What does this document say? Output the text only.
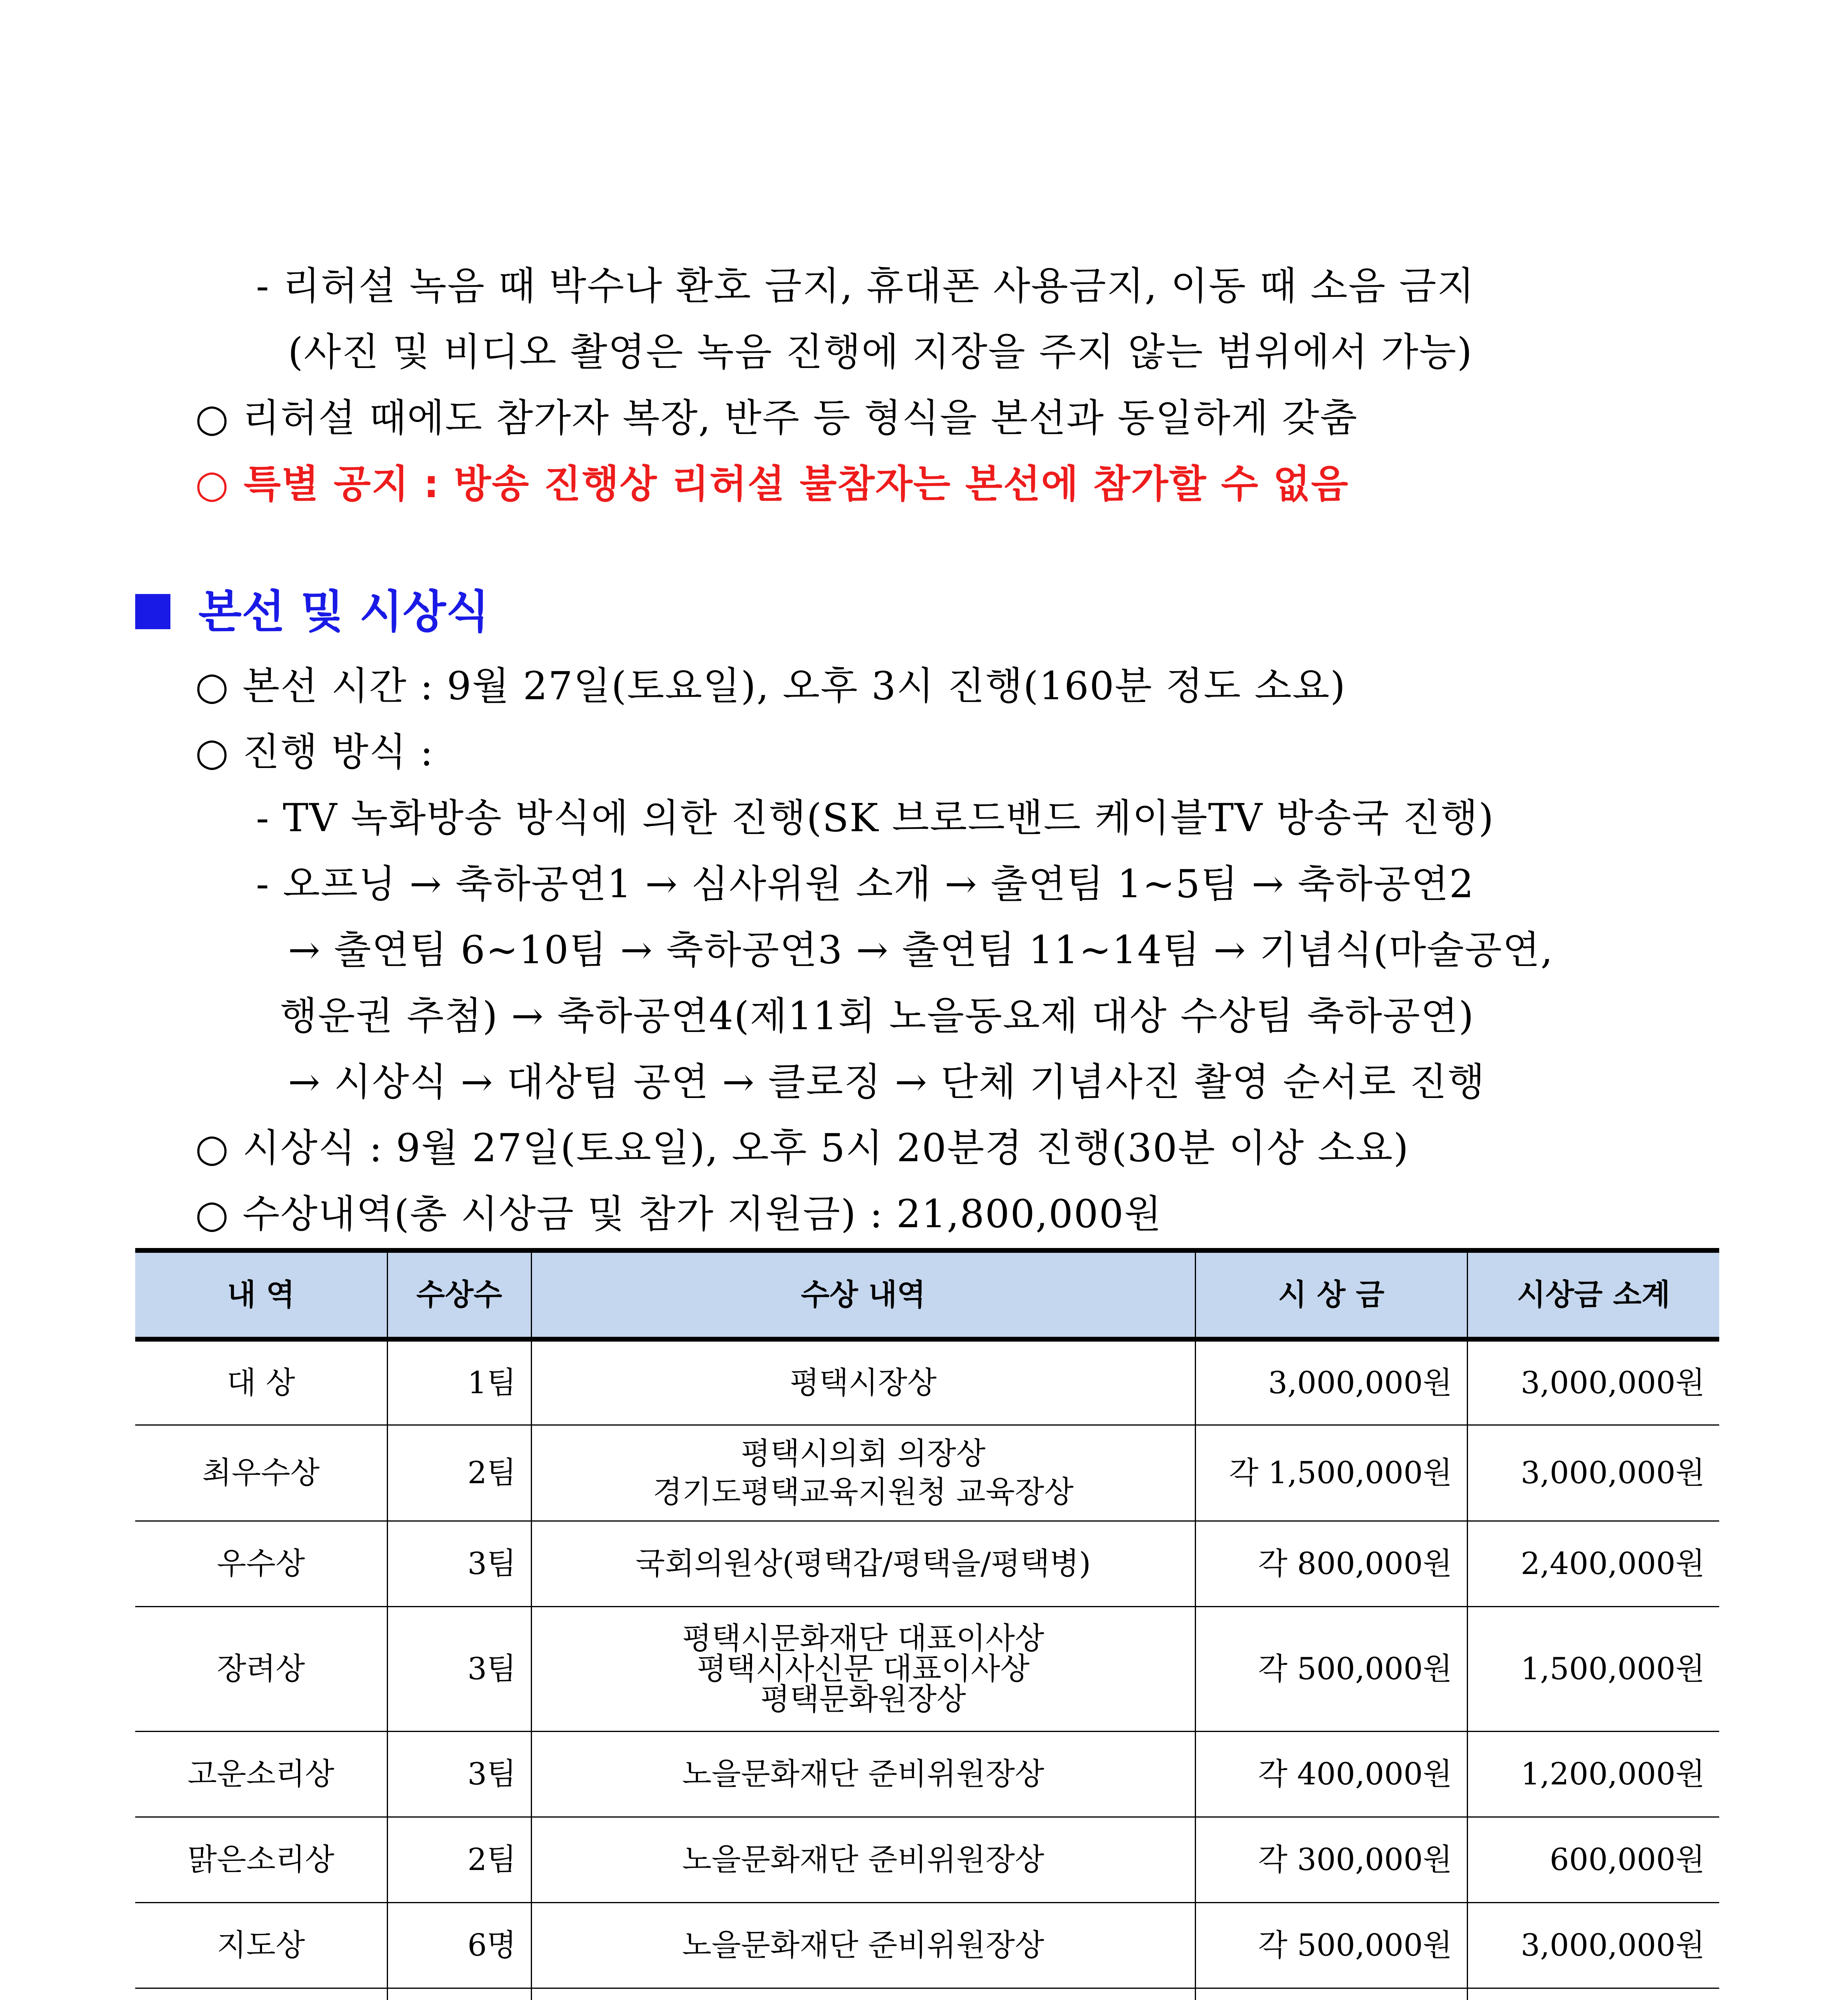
- 리허설 녹음 때 박수나 환호 금지, 휴대폰 사용금지, 이동 때 소음 금지
(사진 및 비디오 촬영은 녹음 진행에 지장을 주지 않는 범위에서 가능)
○ 리허설 때에도 참가자 복장, 반주 등 형식을 본선과 동일하게 갖춤
○ 특별 공지 : 방송 진행상 리허설 불참자는 본선에 참가할 수 없음
본선 및 시상식
○ 본선 시간 : 9월 27일(토요일), 오후 3시 진행(160분 정도 소요)
○ 진행 방식 :
- TV 녹화방송 방식에 의한 진행(SK 브로드밴드 케이블TV 방송국 진행)
- 오프닝 → 축하공연1 → 심사위원 소개 → 출연팀 1~5팀 → 축하공연2
→ 출연팀 6~10팀 → 축하공연3 → 출연팀 11~14팀 → 기념식(마술공연,
행운권 추첨) → 축하공연4(제11회 노을동요제 대상 수상팀 축하공연)
→ 시상식 → 대상팀 공연 → 클로징 → 단체 기념사진 촬영 순서로 진행
○ 시상식 : 9월 27일(토요일), 오후 5시 20분경 진행(30분 이상 소요)
○ 수상내역(총 시상금 및 참가 지원금) : 21,800,000원
내 역	수상수	수상 내역	시 상 금	시상금 소계
대 상	1팀	평택시장상	3,000,000원	3,000,000원
최우수상	2팀	평택시의회 의장상
경기도평택교육지원청 교육장상	각 1,500,000원	3,000,000원
우수상	3팀	국회의원상(평택갑/평택을/평택병)	각 800,000원	2,400,000원
장려상	3팀	평택시문화재단 대표이사상
평택시사신문 대표이사상
평택문화원장상	각 500,000원	1,500,000원
고운소리상	3팀	노을문화재단 준비위원장상	각 400,000원	1,200,000원
맑은소리상	2팀	노을문화재단 준비위원장상	각 300,000원	600,000원
지도상	6명	노을문화재단 준비위원장상	각 500,000원	3,000,000원
